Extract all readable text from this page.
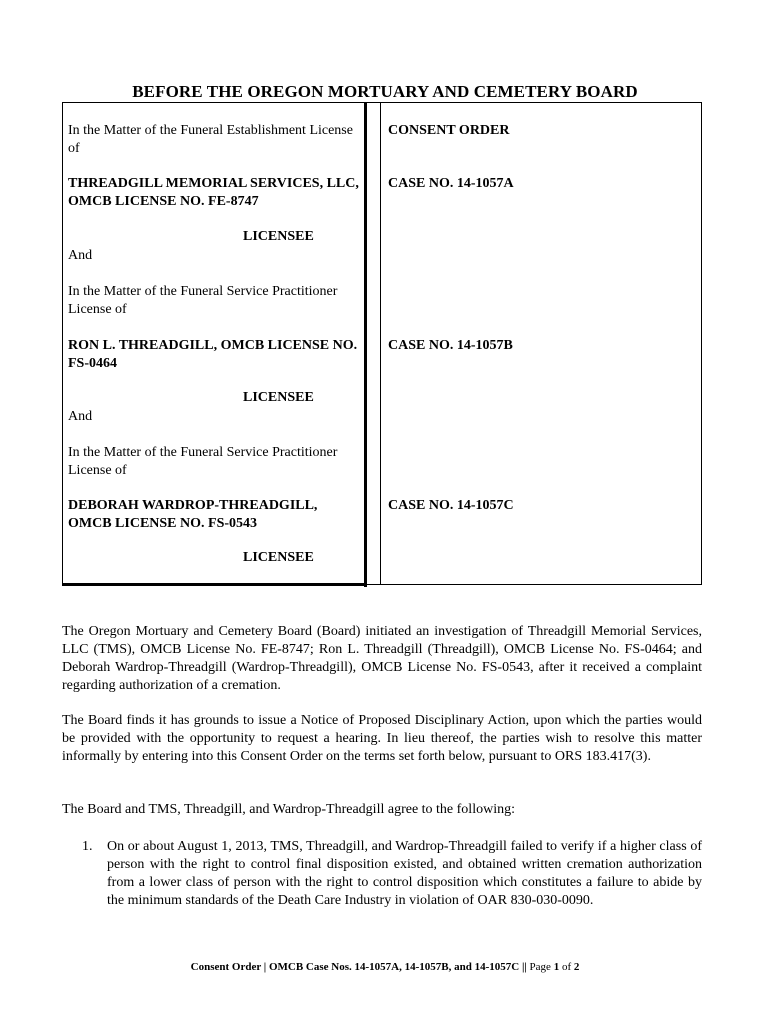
BEFORE THE OREGON MORTUARY AND CEMETERY BOARD
In the Matter of the Funeral Establishment License of
THREADGILL MEMORIAL SERVICES, LLC, OMCB LICENSE NO. FE-8747
LICENSEE
And
In the Matter of the Funeral Service Practitioner License of
RON L. THREADGILL, OMCB LICENSE NO. FS-0464
LICENSEE
And
In the Matter of the Funeral Service Practitioner License of
DEBORAH WARDROP-THREADGILL, OMCB LICENSE NO. FS-0543
LICENSEE
CONSENT ORDER
CASE NO. 14-1057A
CASE NO. 14-1057B
CASE NO. 14-1057C
The Oregon Mortuary and Cemetery Board (Board) initiated an investigation of Threadgill Memorial Services, LLC (TMS), OMCB License No. FE-8747; Ron L. Threadgill (Threadgill), OMCB License No. FS-0464; and Deborah Wardrop-Threadgill (Wardrop-Threadgill), OMCB License No. FS-0543, after it received a complaint regarding authorization of a cremation.
The Board finds it has grounds to issue a Notice of Proposed Disciplinary Action, upon which the parties would be provided with the opportunity to request a hearing. In lieu thereof, the parties wish to resolve this matter informally by entering into this Consent Order on the terms set forth below, pursuant to ORS 183.417(3).
The Board and TMS, Threadgill, and Wardrop-Threadgill agree to the following:
1. On or about August 1, 2013, TMS, Threadgill, and Wardrop-Threadgill failed to verify if a higher class of person with the right to control final disposition existed, and obtained written cremation authorization from a lower class of person with the right to control disposition which constitutes a failure to abide by the minimum standards of the Death Care Industry in violation of OAR 830-030-0090.
Consent Order | OMCB Case Nos. 14-1057A, 14-1057B, and 14-1057C || Page 1 of 2
